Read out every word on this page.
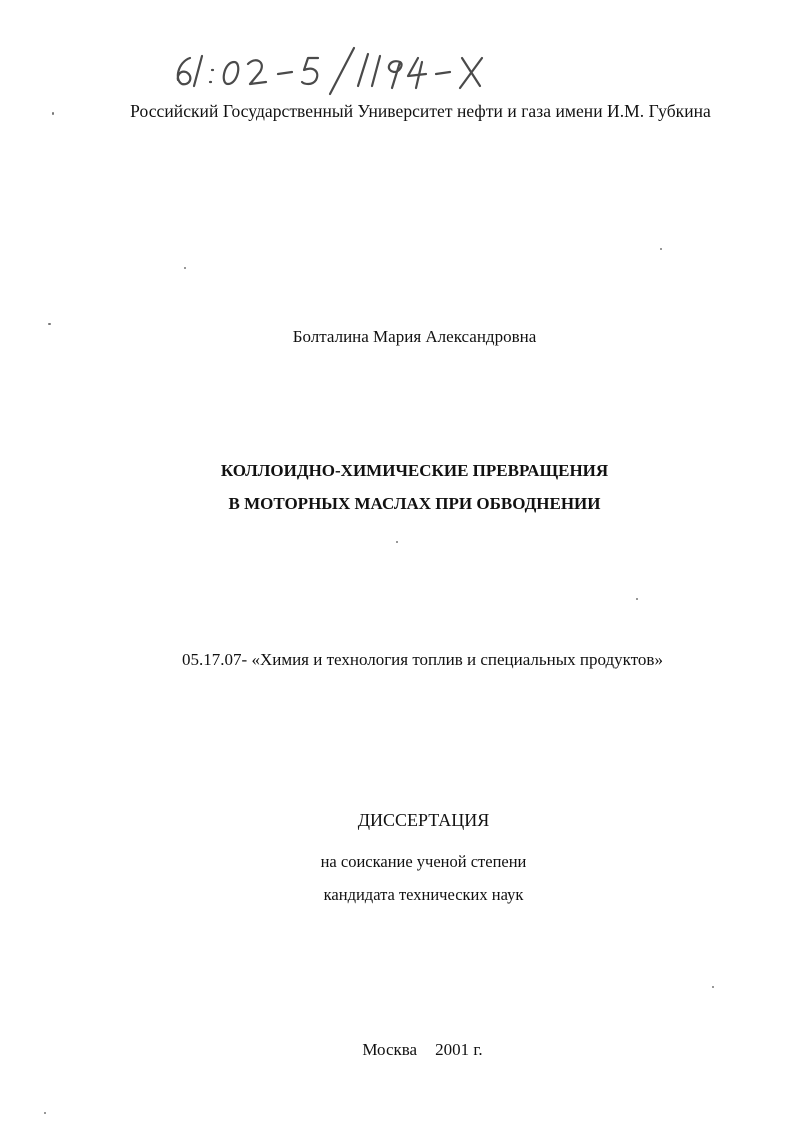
Российский Государственный Университет нефти и газа имени И.М. Губкина
Болталина Мария Александровна
КОЛЛОИДНО-ХИМИЧЕСКИЕ ПРЕВРАЩЕНИЯ
В МОТОРНЫХ МАСЛАХ ПРИ ОБВОДНЕНИИ
05.17.07- «Химия и технология топлив и специальных продуктов»
ДИССЕРТАЦИЯ
на соискание ученой степени
кандидата технических наук
Москва 2001 г.
